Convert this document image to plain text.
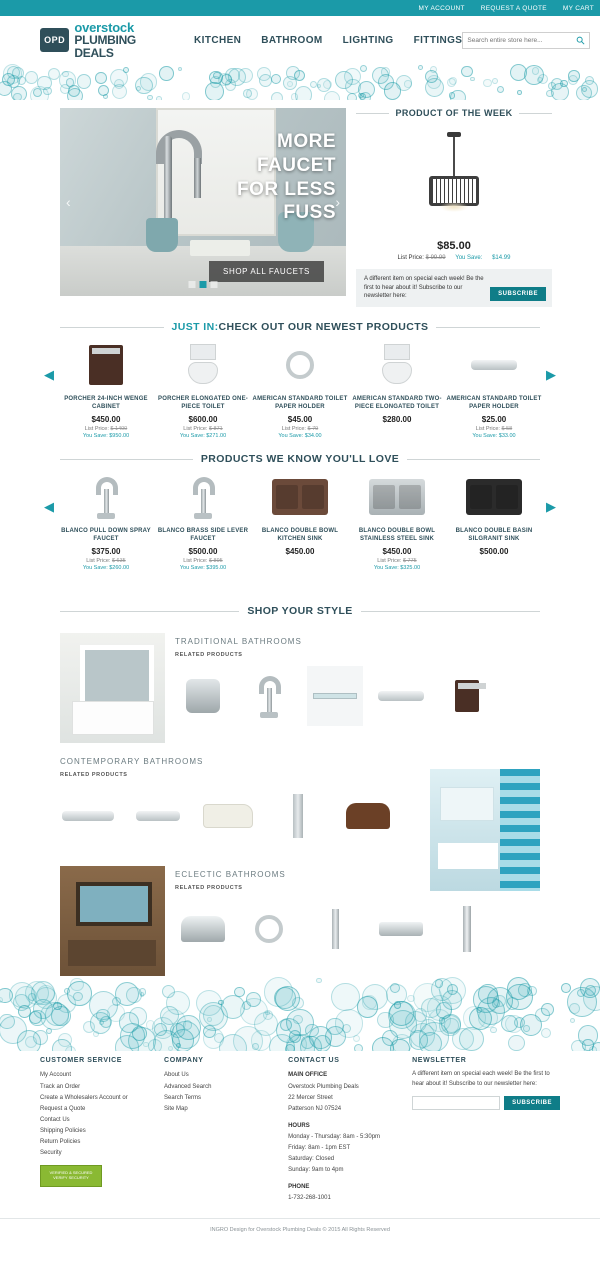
MY ACCOUNT REQUEST A QUOTE MY CART
OPD
overstock
PLUMBING DEALS
KITCHEN BATHROOM LIGHTING FITTINGS
Search entire store here...
MORE
FAUCET
FOR LESS
FUSS
SHOP ALL FAUCETS
‹	›
PRODUCT OF THE WEEK
$85.00
List Price: $ 99.99 You Save: $14.99

A different item on special each week! Be the first to hear about it! Subscribe to our newsletter here:	SUBSCRIBE
JUST IN:CHECK OUT OUR NEWEST PRODUCTS
◀
PORCHER 24-INCH WENGE CABINET
$450.00
List Price: $ 1400
You Save: $950.00
PORCHER ELONGATED ONE-PIECE TOILET
$600.00
List Price: $ 871
You Save: $271.00
AMERICAN STANDARD TOILET PAPER HOLDER
$45.00
List Price: $ 79
You Save: $34.00
AMERICAN STANDARD TWO-PIECE ELONGATED TOILET
$280.00
AMERICAN STANDARD TOILET PAPER HOLDER
$25.00
List Price: $ 58
You Save: $33.00
▶
PRODUCTS WE KNOW YOU'LL LOVE
◀
BLANCO PULL DOWN SPRAY FAUCET
$375.00
List Price: $ 635
You Save: $260.00
BLANCO BRASS SIDE LEVER FAUCET
$500.00
List Price: $ 895
You Save: $395.00
BLANCO DOUBLE BOWL KITCHEN SINK
$450.00
BLANCO DOUBLE BOWL STAINLESS STEEL SINK
$450.00
List Price: $ 775
You Save: $325.00
BLANCO DOUBLE BASIN SILGRANIT SINK
$500.00
▶
SHOP YOUR STYLE
TRADITIONAL BATHROOMS
RELATED PRODUCTS
CONTEMPORARY BATHROOMS
RELATED PRODUCTS
ECLECTIC BATHROOMS
RELATED PRODUCTS
CUSTOMER SERVICE
My Account
Track an Order
Create a Wholesalers Account or Request a Quote
Contact Us
Shipping Policies
Return Policies
Security
VERIFIED & SECURED
VERIFY SECURITY
COMPANY
About Us
Advanced Search
Search Terms
Site Map
CONTACT US

MAIN OFFICE

Overstock Plumbing Deals

22 Mercer Street

Patterson NJ 07524

HOURS

Monday - Thursday: 8am - 5:30pm

Friday: 8am - 1pm EST

Saturday: Closed

Sunday: 9am to 4pm

PHONE

1-732-268-1001

NEWSLETTER

A different item on special each week! Be the first to hear about it! Subscribe to our newsletter here:

SUBSCRIBE
INGRO Design for Overstock Plumbing Deals © 2015 All Rights Reserved
